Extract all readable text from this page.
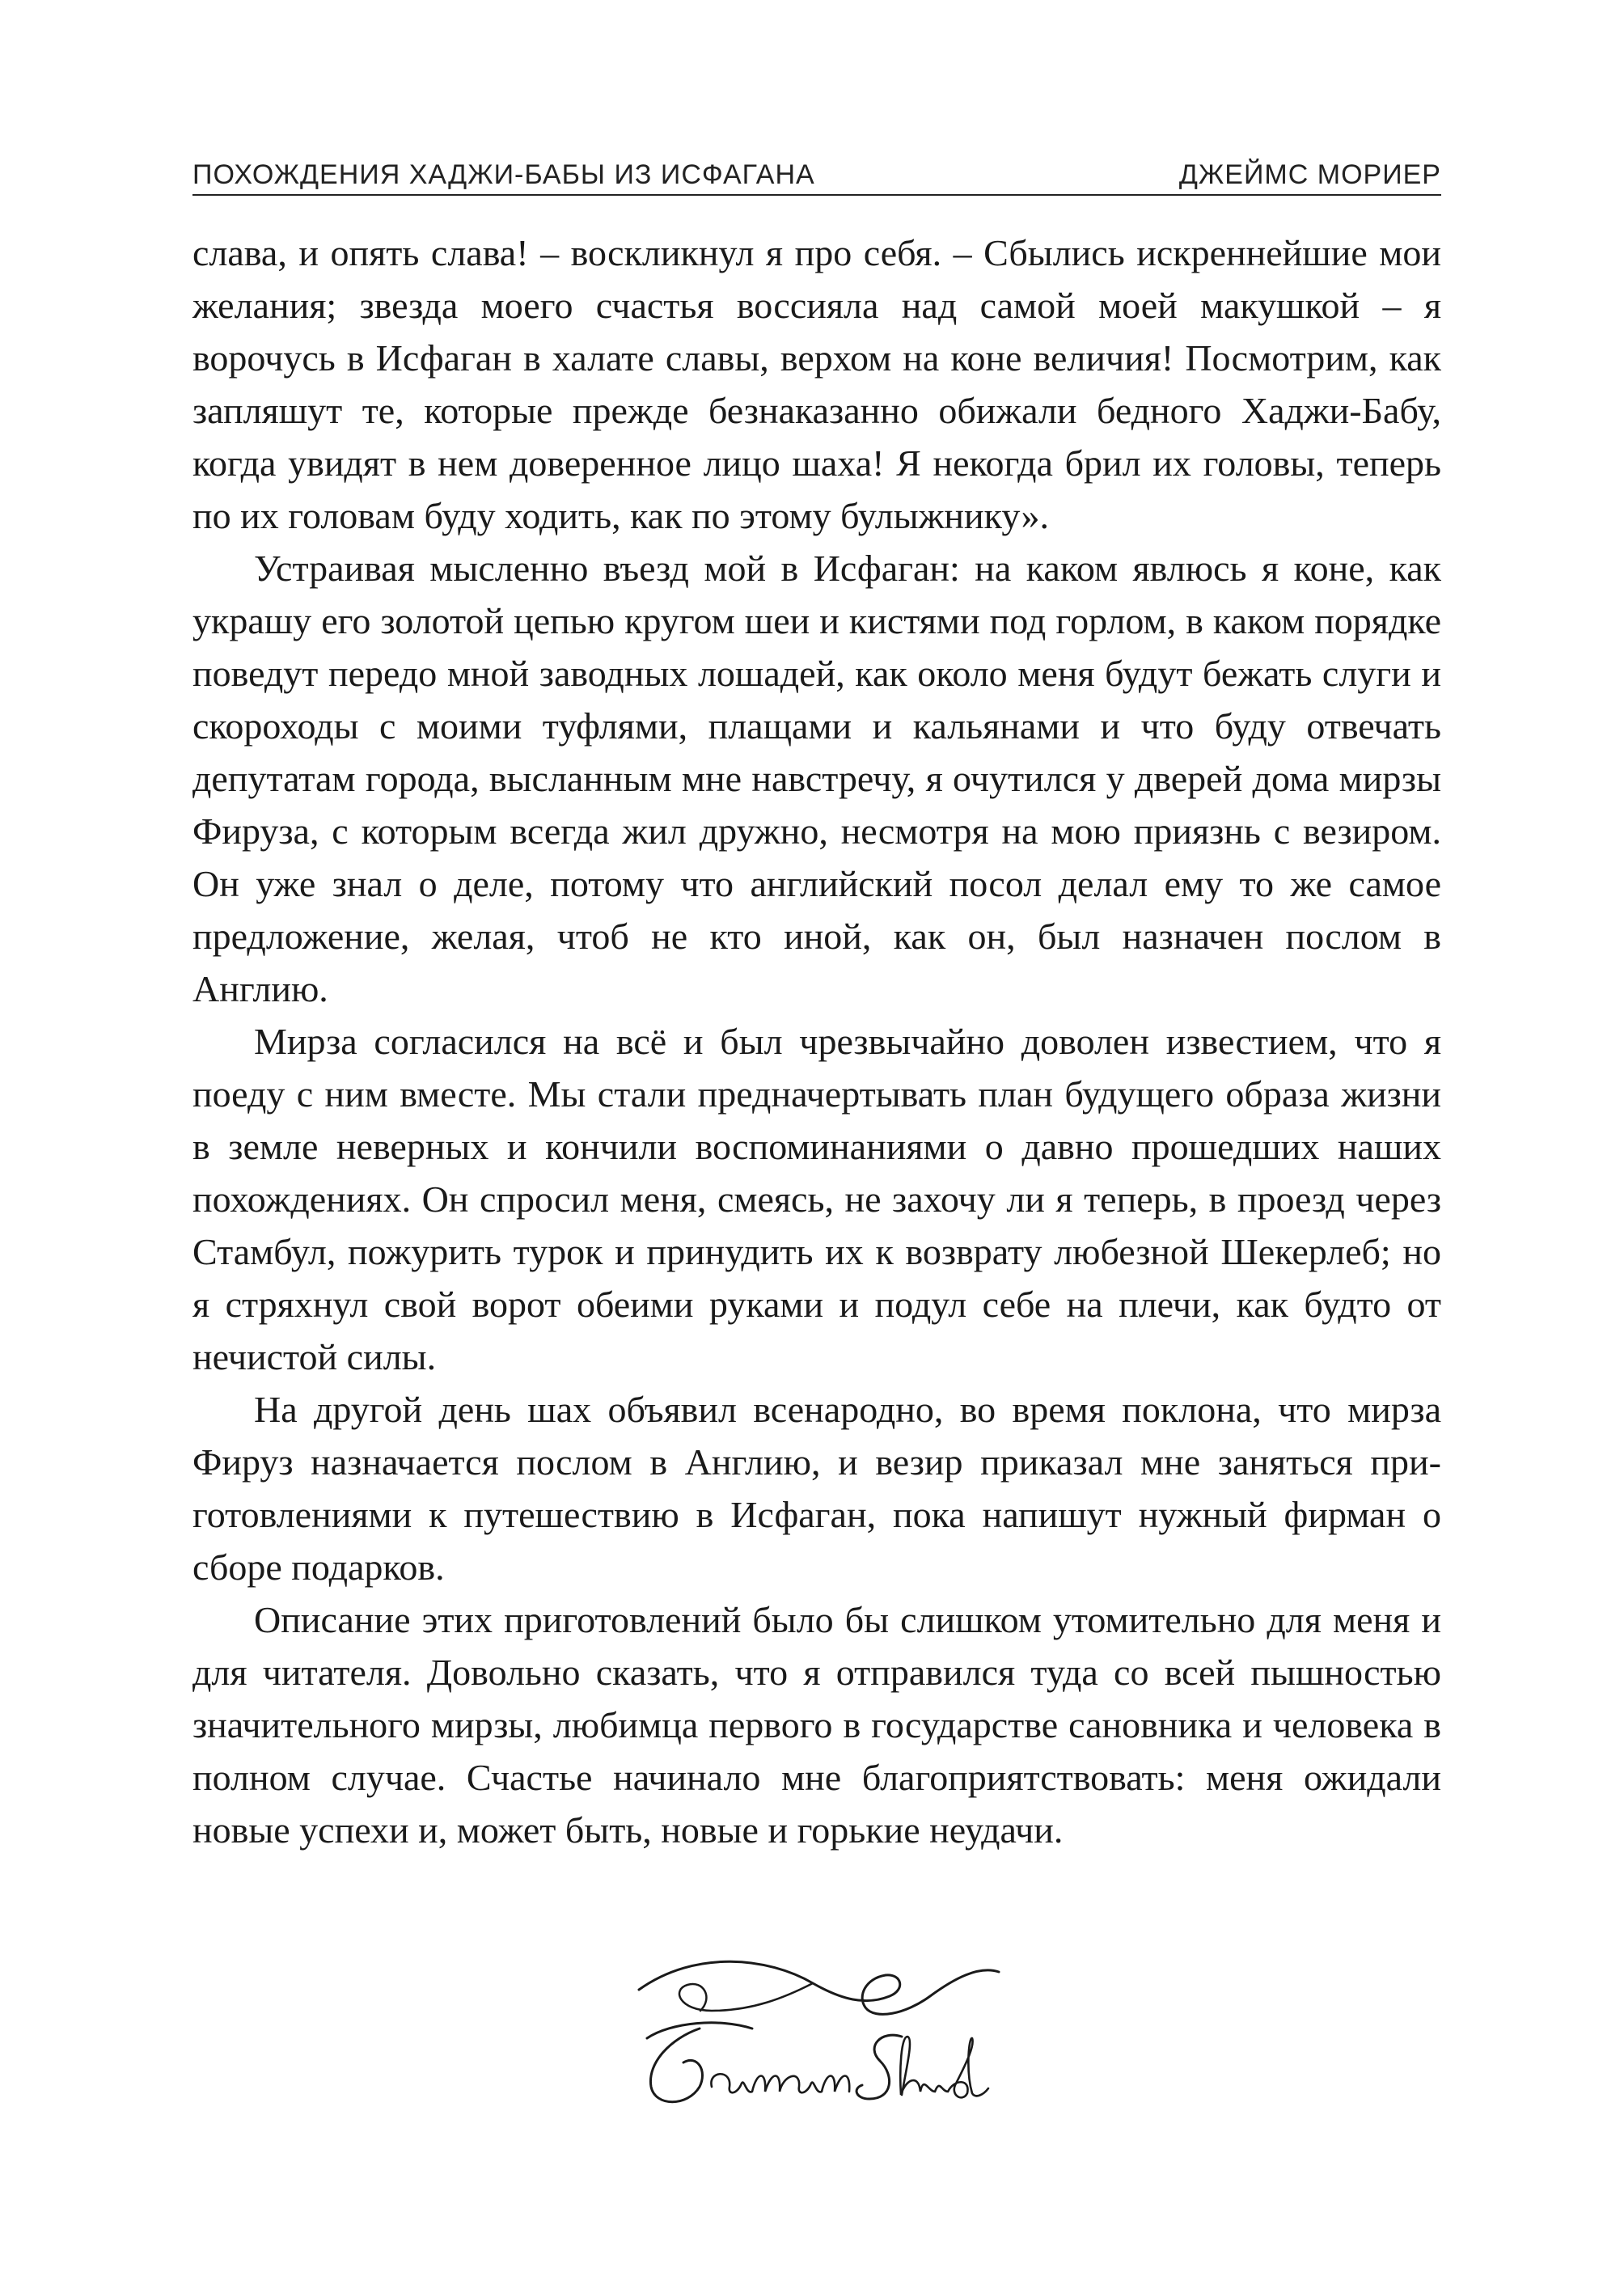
ПОХОЖДЕНИЯ ХАДЖИ-БАБЫ ИЗ ИСФАГАНА	ДЖЕЙМС МОРИЕР

слава, и опять слава! – воскликнул я про себя. – Сбылись искреннейшие мои желания; звезда моего счастья воссияла над самой моей макушкой – я ворочусь в Исфаган в халате славы, верхом на коне величия! Посмотрим, как запляшут те, которые прежде безнаказанно обижали бедного Хаджи-Бабу, когда увидят в нем доверенное лицо шаха! Я некогда брил их головы, теперь по их головам буду ходить, как по этому булыжнику».

Устраивая мысленно въезд мой в Исфаган: на каком явлюсь я коне, как украшу его золотой цепью кругом шеи и кистями под горлом, в каком порядке поведут передо мной заводных лошадей, как около меня будут бежать слуги и скороходы с моими туфлями, плащами и кальянами и что буду отвечать депутатам города, высланным мне навстречу, я очутился у дверей дома мирзы Фируза, с которым всегда жил дружно, несмотря на мою приязнь с везиром. Он уже знал о деле, потому что английский посол делал ему то же самое предложение, желая, чтоб не кто иной, как он, был назначен послом в Англию.

Мирза согласился на всё и был чрезвычайно доволен известием, что я поеду с ним вместе. Мы стали предначертывать план будущего образа жизни в земле неверных и кончили воспоминаниями о давно прошедших наших похождениях. Он спросил меня, смеясь, не захочу ли я теперь, в проезд через Стамбул, пожурить турок и принудить их к возврату любезной Шекерлеб; но я стряхнул свой ворот обеими руками и подул себе на плечи, как будто от нечистой силы.

На другой день шах объявил всенародно, во время поклона, что мирза Фируз назначается послом в Англию, и везир приказал мне заняться приготовлениями к путешествию в Исфаган, пока напишут нужный фирман о сборе подарков.

Описание этих приготовлений было бы слишком утомительно для меня и для читателя. Довольно сказать, что я отправился туда со всей пышностью значительного мирзы, любимца первого в государстве сановника и человека в полном случае. Счастье начинало мне благоприятствовать: меня ожидали новые успехи и, может быть, новые и горькие неудачи.
